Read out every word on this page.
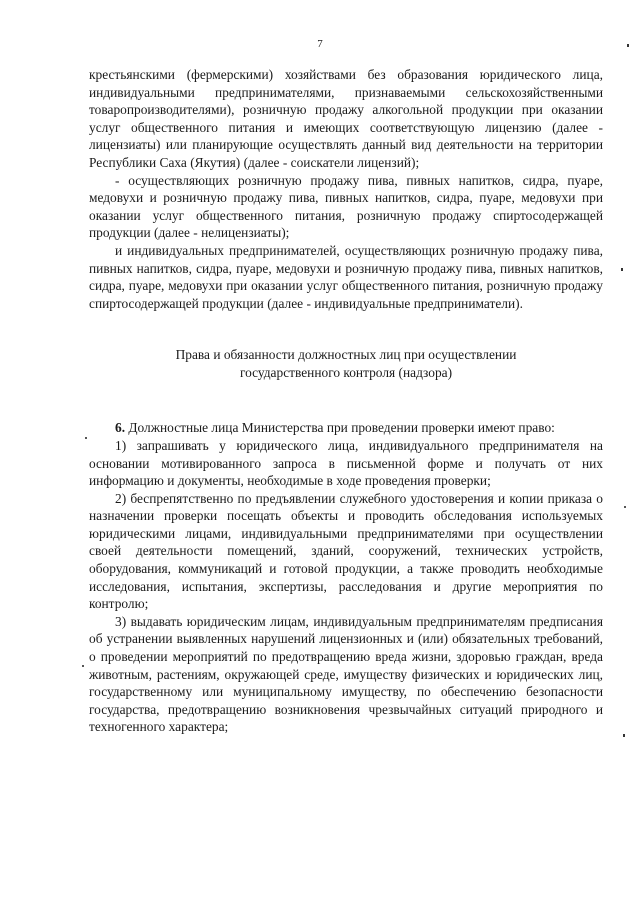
7

крестьянскими (фермерскими) хозяйствами без образования юридического лица, индивидуальными предпринимателями, признаваемыми сельскохозяйственными товаропроизводителями), розничную продажу алкогольной продукции при оказании услуг общественного питания и имеющих соответствующую лицензию (далее - лицензиаты) или планирующие осуществлять данный вид деятельности на территории Республики Саха (Якутия) (далее - соискатели лицензий);

- осуществляющих розничную продажу пива, пивных напитков, сидра, пуаре, медовухи и розничную продажу пива, пивных напитков, сидра, пуаре, медовухи при оказании услуг общественного питания, розничную продажу спиртосодержащей продукции (далее - нелицензиаты);

и индивидуальных предпринимателей, осуществляющих розничную продажу пива, пивных напитков, сидра, пуаре, медовухи и розничную продажу пива, пивных напитков, сидра, пуаре, медовухи при оказании услуг общественного питания, розничную продажу спиртосодержащей продукции (далее - индивидуальные предприниматели).

Права и обязанности должностных лиц при осуществлении
государственного контроля (надзора)

6. Должностные лица Министерства при проведении проверки имеют право:

1) запрашивать у юридического лица, индивидуального предпринимателя на основании мотивированного запроса в письменной форме и получать от них информацию и документы, необходимые в ходе проведения проверки;

2) беспрепятственно по предъявлении служебного удостоверения и копии приказа о назначении проверки посещать объекты и проводить обследования используемых юридическими лицами, индивидуальными предпринимателями при осуществлении своей деятельности помещений, зданий, сооружений, технических устройств, оборудования, коммуникаций и готовой продукции, а также проводить необходимые исследования, испытания, экспертизы, расследования и другие мероприятия по контролю;

3) выдавать юридическим лицам, индивидуальным предпринимателям предписания об устранении выявленных нарушений лицензионных и (или) обязательных требований, о проведении мероприятий по предотвращению вреда жизни, здоровью граждан, вреда животным, растениям, окружающей среде, имуществу физических и юридических лиц, государственному или муниципальному имуществу, по обеспечению безопасности государства, предотвращению возникновения чрезвычайных ситуаций природного и техногенного характера;
